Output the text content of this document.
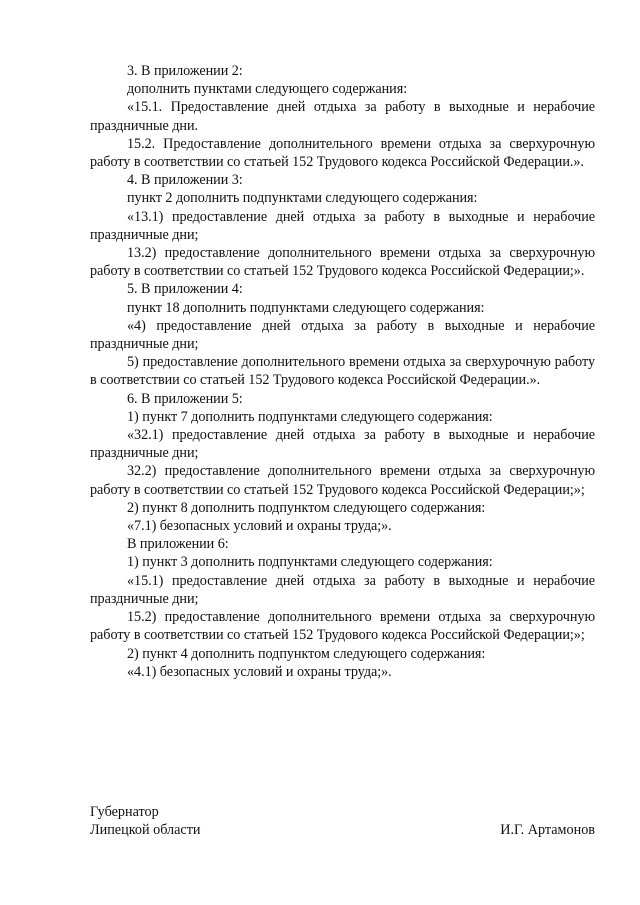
3. В приложении 2:

дополнить пунктами следующего содержания:

«15.1. Предоставление дней отдыха за работу в выходные и нерабочие праздничные дни.

15.2. Предоставление дополнительного времени отдыха за сверхурочную работу в соответствии со статьей 152 Трудового кодекса Российской Федерации.».

4. В приложении 3:

пункт 2 дополнить подпунктами следующего содержания:

«13.1) предоставление дней отдыха за работу в выходные и нерабочие праздничные дни;

13.2) предоставление дополнительного времени отдыха за сверхурочную работу в соответствии со статьей 152 Трудового кодекса Российской Федерации;».

5. В приложении 4:

пункт 18 дополнить подпунктами следующего содержания:

«4) предоставление дней отдыха за работу в выходные и нерабочие праздничные дни;

5) предоставление дополнительного времени отдыха за сверхурочную работу в соответствии со статьей 152 Трудового кодекса Российской Федерации.».

6. В приложении 5:

1) пункт 7 дополнить подпунктами следующего содержания:

«32.1) предоставление дней отдыха за работу в выходные и нерабочие праздничные дни;

32.2) предоставление дополнительного времени отдыха за сверхурочную работу в соответствии со статьей 152 Трудового кодекса Российской Федерации;»;

2) пункт 8 дополнить подпунктом следующего содержания:

«7.1) безопасных условий и охраны труда;».

В приложении 6:

1) пункт 3 дополнить подпунктами следующего содержания:

«15.1) предоставление дней отдыха за работу в выходные и нерабочие праздничные дни;

15.2) предоставление дополнительного времени отдыха за сверхурочную работу в соответствии со статьей 152 Трудового кодекса Российской Федерации;»;

2) пункт 4 дополнить подпунктом следующего содержания:

«4.1) безопасных условий и охраны труда;».

Губернатор
Липецкой области	И.Г. Артамонов
